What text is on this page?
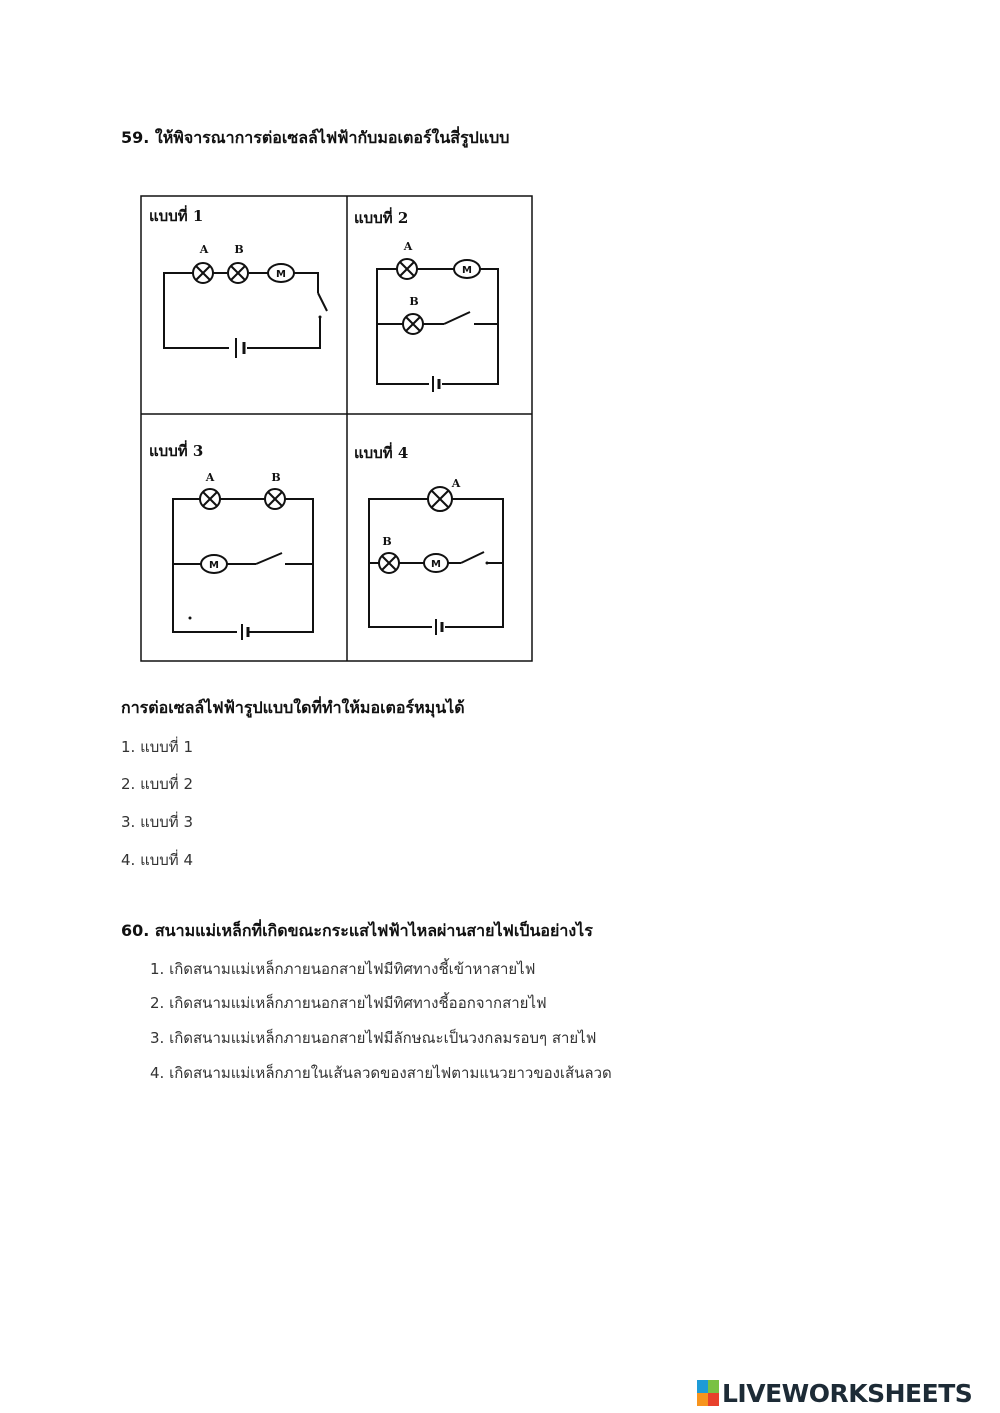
59. ให้พิจารณาการต่อเซลล์ไฟฟ้ากับมอเตอร์ในสี่รูปแบบ
แบบที่ 1
M
A B
แบบที่ 2
M
A
B
แบบที่ 3
M
A	B
แบบที่ 4
M
A
B
การต่อเซลล์ไฟฟ้ารูปแบบใดที่ทำให้มอเตอร์หมุนได้
1. แบบที่ 1
2. แบบที่ 2
3. แบบที่ 3
4. แบบที่ 4
60. สนามแม่เหล็กที่เกิดขณะกระแสไฟฟ้าไหลผ่านสายไฟเป็นอย่างไร
1. เกิดสนามแม่เหล็กภายนอกสายไฟมีทิศทางชี้เข้าหาสายไฟ
2. เกิดสนามแม่เหล็กภายนอกสายไฟมีทิศทางชี้ออกจากสายไฟ
3. เกิดสนามแม่เหล็กภายนอกสายไฟมีลักษณะเป็นวงกลมรอบๆ สายไฟ
4. เกิดสนามแม่เหล็กภายในเส้นลวดของสายไฟตามแนวยาวของเส้นลวด
LIVEWORKSHEETS
